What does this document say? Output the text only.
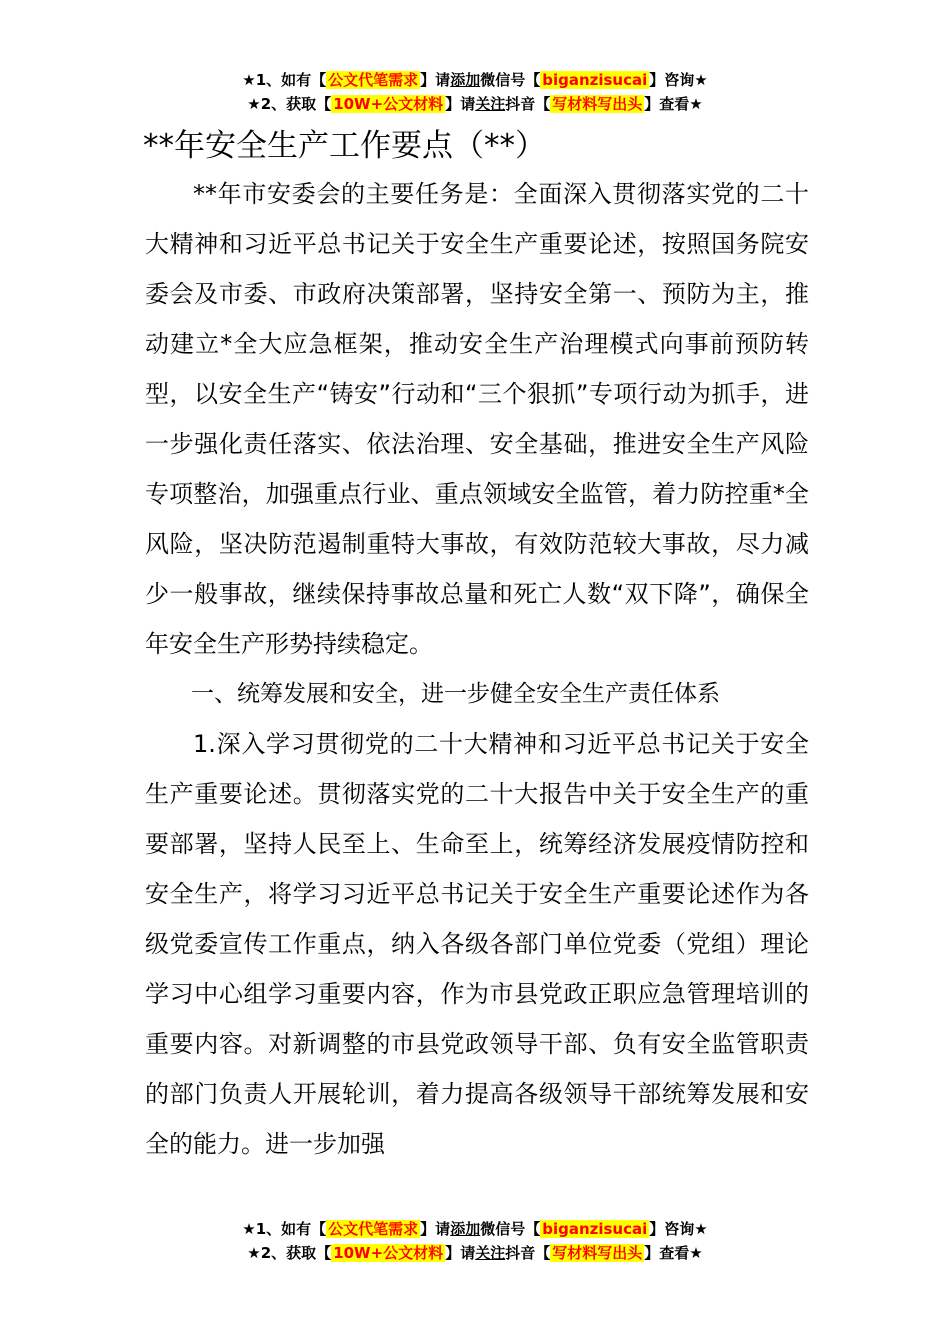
★1、如有【 公文代笔需求 】请添加微信号【 biganzisucai 】咨询★
★2、获取【 10W+公文材料 】请关注抖音【 写材料写出头 】查看★
**年安全生产工作要点（**）

**年市安委会的主要任务是：全面深入贯彻落实党的二十大精神和习近平总书记关于安全生产重要论述，按照国务院安委会及市委、市政府决策部署，坚持安全第一、预防为主，推动建立*全大应急框架，推动安全生产治理模式向事前预防转型，以安全生产“铸安”行动和“三个狠抓”专项行动为抓手，进一步强化责任落实、依法治理、安全基础，推进安全生产风险专项整治，加强重点行业、重点领域安全监管，着力防控重*全风险，坚决防范遏制重特大事故，有效防范较大事故，尽力减少一般事故，继续保持事故总量和死亡人数“双下降”，确保全年安全生产形势持续稳定。

一、统筹发展和安全，进一步健全安全生产责任体系

1.深入学习贯彻党的二十大精神和习近平总书记关于安全生产重要论述。贯彻落实党的二十大报告中关于安全生产的重要部署，坚持人民至上、生命至上，统筹经济发展疫情防控和安全生产，将学习习近平总书记关于安全生产重要论述作为各级党委宣传工作重点，纳入各级各部门单位党委（党组）理论学习中心组学习重要内容，作为市县党政正职应急管理培训的重要内容。对新调整的市县党政领导干部、负有安全监管职责的部门负责人开展轮训，着力提高各级领导干部统筹发展和安全的能力。进一步加强

★1、如有【 公文代笔需求 】请添加微信号【 biganzisucai 】咨询★
★2、获取【 10W+公文材料 】请关注抖音【 写材料写出头 】查看★
